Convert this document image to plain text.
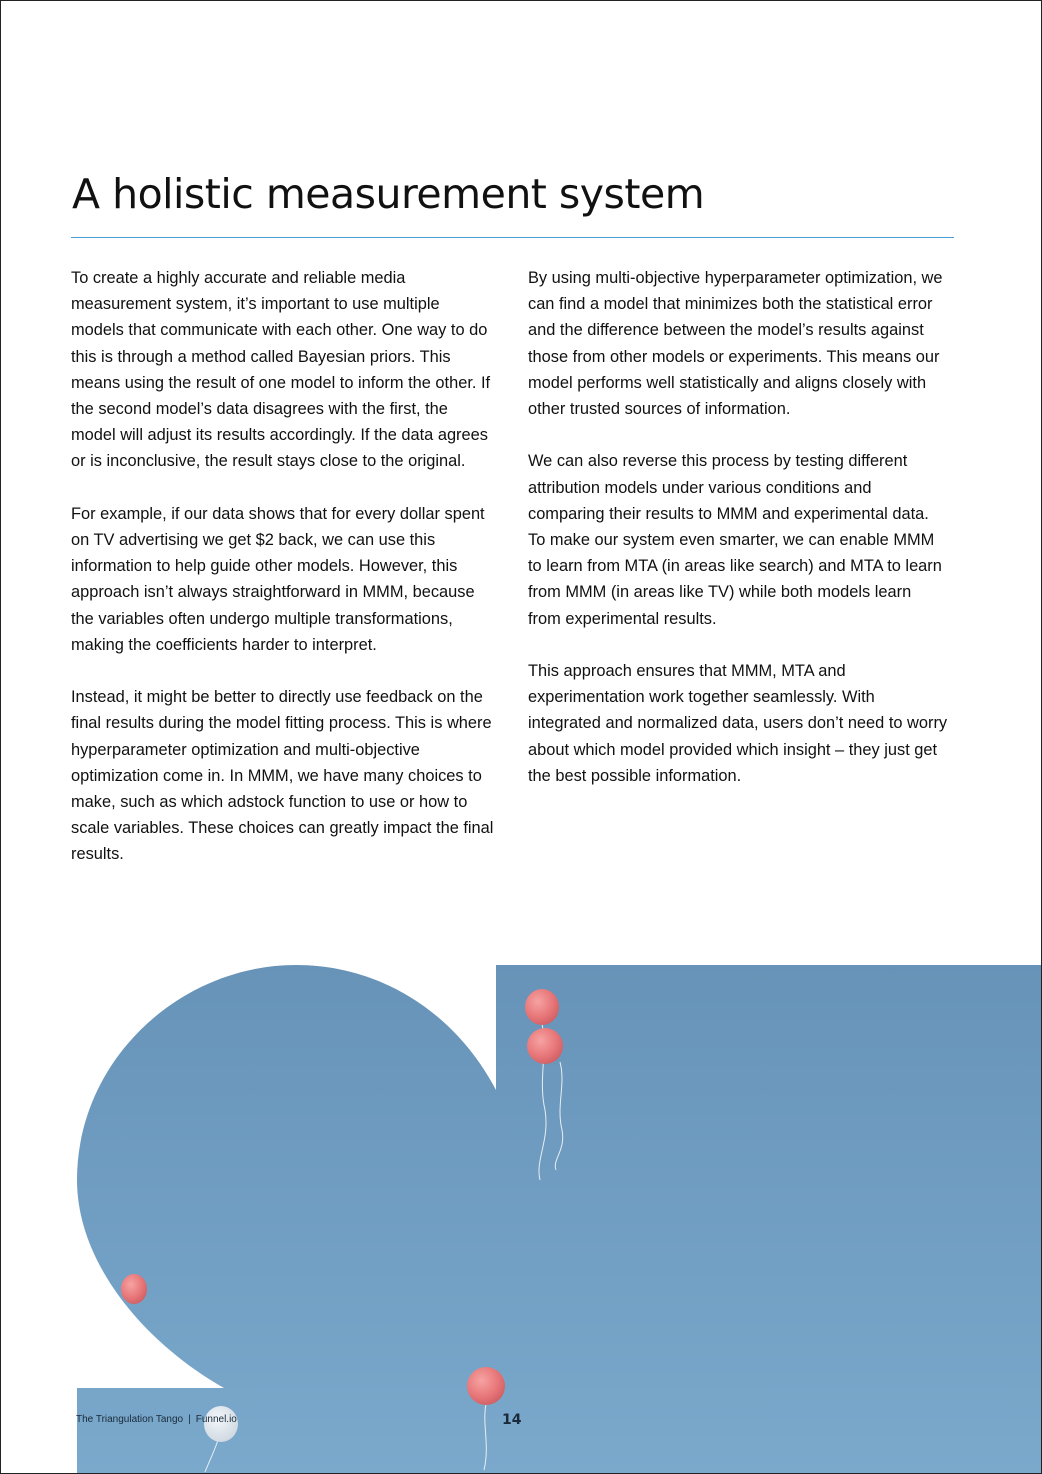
A holistic measurement system

To create a highly accurate and reliable media measurement system, it’s important to use multiple models that communicate with each other. One way to do this is through a method called Bayesian priors. This means using the result of one model to inform the other. If the second model’s data disagrees with the first, the model will adjust its results accordingly. If the data agrees or is inconclusive, the result stays close to the original.

For example, if our data shows that for every dollar spent on TV advertising we get $2 back, we can use this information to help guide other models. However, this approach isn’t always straightforward in MMM, because the variables often undergo multiple transformations, making the coefficients harder to interpret.

Instead, it might be better to directly use feedback on the final results during the model fitting process. This is where hyperparameter optimization and multi-objective optimization come in. In MMM, we have many choices to make, such as which adstock function to use or how to scale variables. These choices can greatly impact the final results.

By using multi-objective hyperparameter optimization, we can find a model that minimizes both the statistical error and the difference between the model’s results against those from other models or experiments. This means our model performs well statistically and aligns closely with other trusted sources of information.

We can also reverse this process by testing different attribution models under various conditions and comparing their results to MMM and experimental data. To make our system even smarter, we can enable MMM to learn from MTA (in areas like search) and MTA to learn from MMM (in areas like TV) while both models learn from experimental results.

This approach ensures that MMM, MTA and experimentation work together seamlessly. With integrated and normalized data, users don’t need to worry about which model provided which insight – they just get the best possible information.

The Triangulation Tango | Funnel.io	14
